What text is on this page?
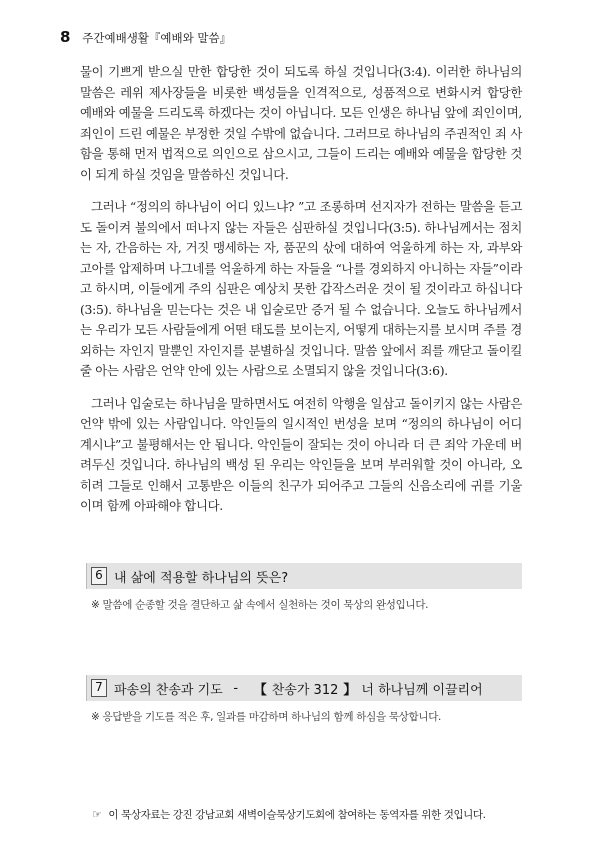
8 주간예배생활『예배와 말씀』

물이 기쁘게 받으실 만한 합당한 것이 되도록 하실 것입니다(3:4). 이러한 하나님의 말씀은 레위 제사장들을 비롯한 백성들을 인격적으로, 성품적으로 변화시켜 합당한 예배와 예물을 드리도록 하겠다는 것이 아닙니다. 모든 인생은 하나님 앞에 죄인이며, 죄인이 드린 예물은 부정한 것일 수밖에 없습니다. 그러므로 하나님의 주권적인 죄 사함을 통해 먼저 법적으로 의인으로 삼으시고, 그들이 드리는 예배와 예물을 합당한 것이 되게 하실 것임을 말씀하신 것입니다.

그러나 “정의의 하나님이 어디 있느냐? ”고 조롱하며 선지자가 전하는 말씀을 듣고도 돌이켜 불의에서 떠나지 않는 자들은 심판하실 것입니다(3:5). 하나님께서는 점치는 자, 간음하는 자, 거짓 맹세하는 자, 품꾼의 삯에 대하여 억울하게 하는 자, 과부와 고아를 압제하며 나그네를 억울하게 하는 자들을 “나를 경외하지 아니하는 자들”이라고 하시며, 이들에게 주의 심판은 예상치 못한 갑작스러운 것이 될 것이라고 하십니다(3:5). 하나님을 믿는다는 것은 내 입술로만 증거 될 수 없습니다. 오늘도 하나님께서는 우리가 모든 사람들에게 어떤 태도를 보이는지, 어떻게 대하는지를 보시며 주를 경외하는 자인지 말뿐인 자인지를 분별하실 것입니다. 말씀 앞에서 죄를 깨닫고 돌이킬 줄 아는 사람은 언약 안에 있는 사람으로 소멸되지 않을 것입니다(3:6).

그러나 입술로는 하나님을 말하면서도 여전히 악행을 일삼고 돌이키지 않는 사람은 언약 밖에 있는 사람입니다. 악인들의 일시적인 번성을 보며 “정의의 하나님이 어디 계시냐”고 불평해서는 안 됩니다. 악인들이 잘되는 것이 아니라 더 큰 죄악 가운데 버려두신 것입니다. 하나님의 백성 된 우리는 악인들을 보며 부러워할 것이 아니라, 오히려 그들로 인해서 고통받은 이들의 친구가 되어주고 그들의 신음소리에 귀를 기울이며 함께 아파해야 합니다.

6 내 삶에 적용할 하나님의 뜻은?
※ 말씀에 순종할 것을 결단하고 삶 속에서 실천하는 것이 묵상의 완성입니다.
7 파송의 찬송과 기도 -	【 찬송가 312 】 너 하나님께 이끌리어
※ 응답받을 기도를 적은 후, 일과를 마감하며 하나님의 함께 하심을 묵상합니다.
☞ 이 묵상자료는 강진 강남교회 새벽이슬묵상기도회에 참여하는 동역자를 위한 것입니다.
